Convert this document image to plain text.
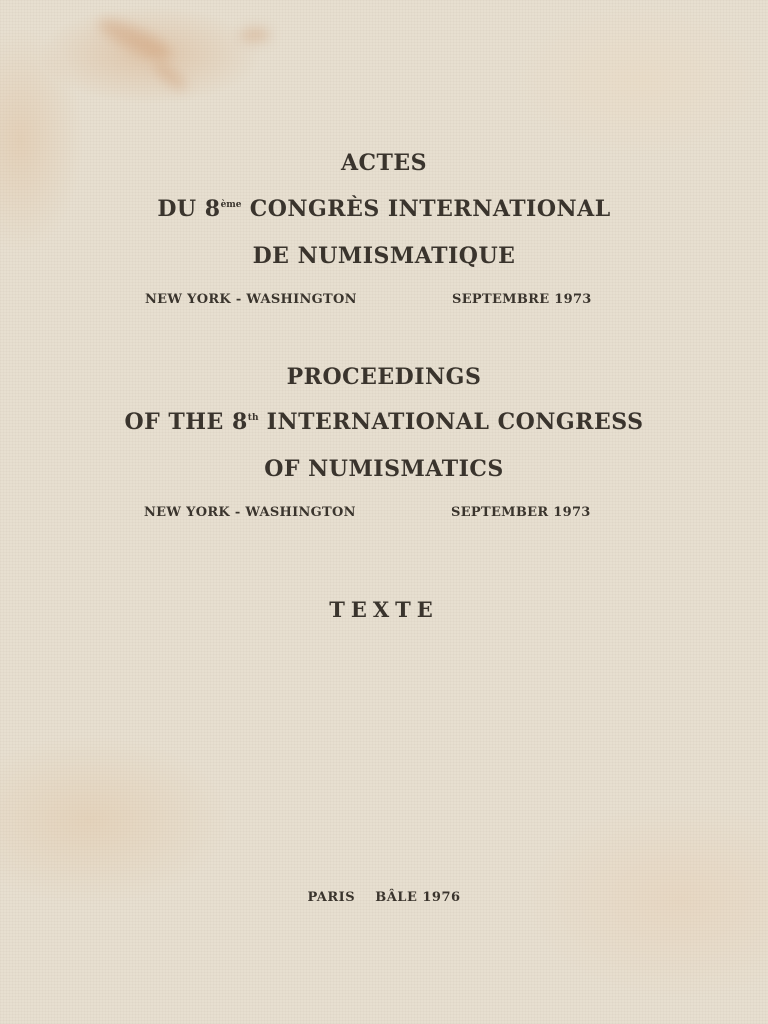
ACTES
DU 8ème CONGRÈS INTERNATIONAL
DE NUMISMATIQUE
NEW YORK - WASHINGTON	SEPTEMBRE 1973
PROCEEDINGS
OF THE 8th INTERNATIONAL CONGRESS
OF NUMISMATICS
NEW YORK - WASHINGTON	SEPTEMBER 1973
TEXTE
PARIS    BÂLE 1976
